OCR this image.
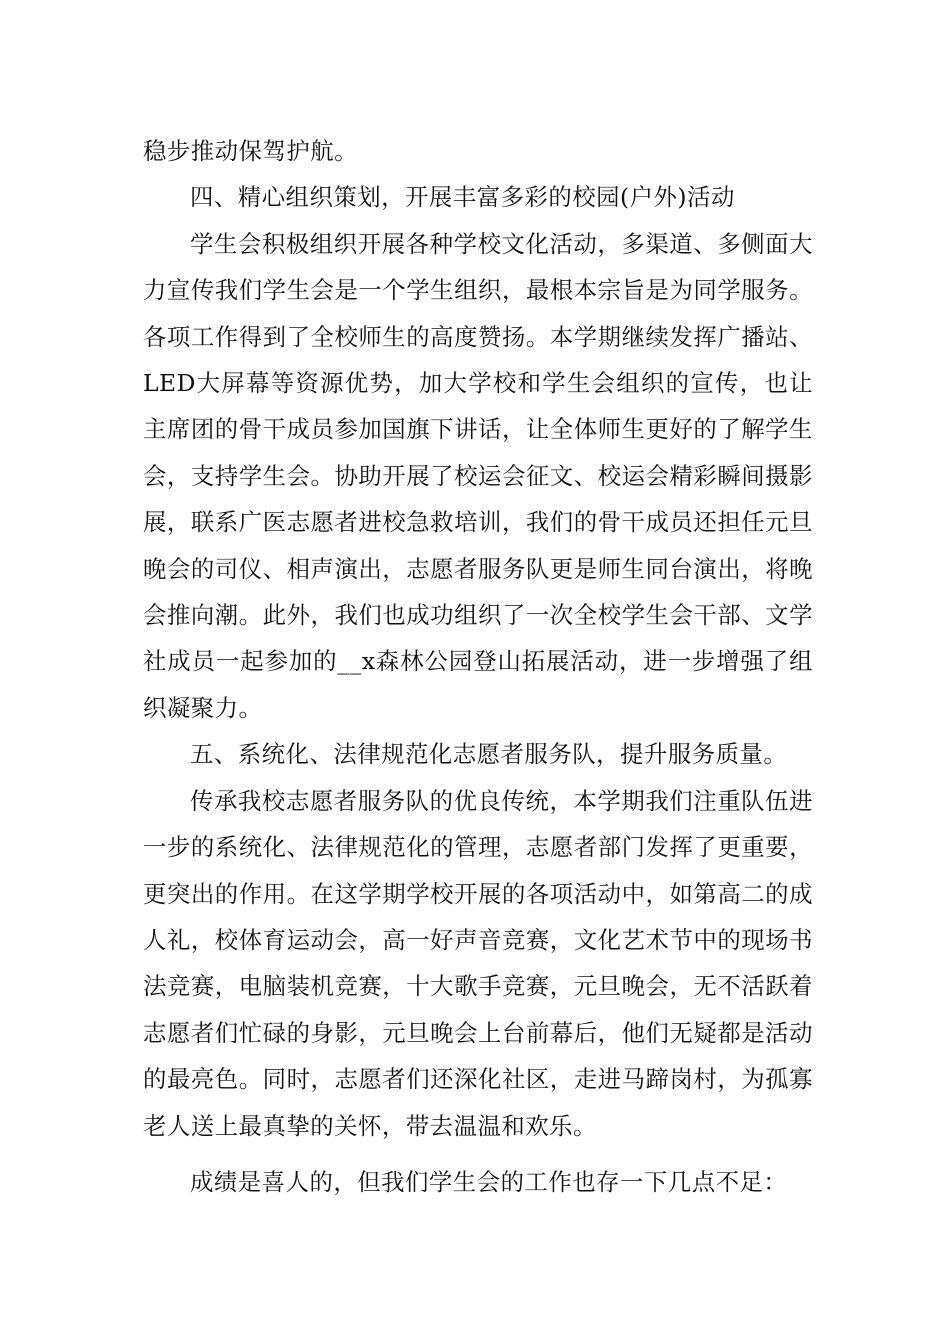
稳步推动保驾护航。

四、精心组织策划，开展丰富多彩的校园(户外)活动

学生会积极组织开展各种学校文化活动，多渠道、多侧面大力宣传我们学生会是一个学生组织，最根本宗旨是为同学服务。各项工作得到了全校师生的高度赞扬。本学期继续发挥广播站、LED大屏幕等资源优势，加大学校和学生会组织的宣传，也让主席团的骨干成员参加国旗下讲话，让全体师生更好的了解学生会，支持学生会。协助开展了校运会征文、校运会精彩瞬间摄影展，联系广医志愿者进校急救培训，我们的骨干成员还担任元旦晚会的司仪、相声演出，志愿者服务队更是师生同台演出，将晚会推向潮。此外，我们也成功组织了一次全校学生会干部、文学社成员一起参加的__x森林公园登山拓展活动，进一步增强了组织凝聚力。

五、系统化、法律规范化志愿者服务队，提升服务质量。

传承我校志愿者服务队的优良传统，本学期我们注重队伍进一步的系统化、法律规范化的管理，志愿者部门发挥了更重要，更突出的作用。在这学期学校开展的各项活动中，如第高二的成人礼，校体育运动会，高一好声音竞赛，文化艺术节中的现场书法竞赛，电脑装机竞赛，十大歌手竞赛，元旦晚会，无不活跃着志愿者们忙碌的身影，元旦晚会上台前幕后，他们无疑都是活动的最亮色。同时，志愿者们还深化社区，走进马蹄岗村，为孤寡老人送上最真挚的关怀，带去温温和欢乐。

成绩是喜人的，但我们学生会的工作也存一下几点不足：
